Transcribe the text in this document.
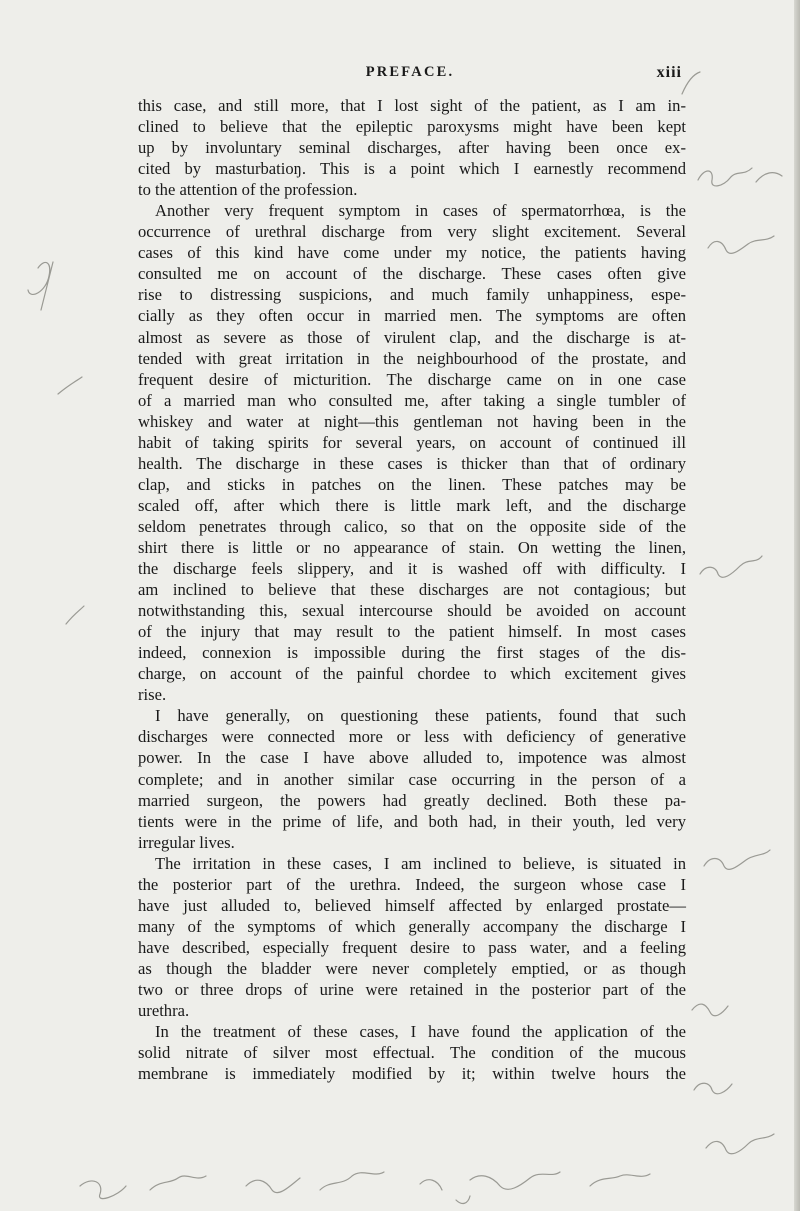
PREFACE.	xiii
this case, and still more, that I lost sight of the patient, as I am in-
clined to believe that the epileptic paroxysms might have been kept
up by involuntary seminal discharges, after having been once ex-
cited by masturbatioŋ. This is a point which I earnestly recommend
to the attention of the profession.
Another very frequent symptom in cases of spermatorrhœa, is the
occurrence of urethral discharge from very slight excitement. Several
cases of this kind have come under my notice, the patients having
consulted me on account of the discharge. These cases often give
rise to distressing suspicions, and much family unhappiness, espe-
cially as they often occur in married men. The symptoms are often
almost as severe as those of virulent clap, and the discharge is at-
tended with great irritation in the neighbourhood of the prostate, and
frequent desire of micturition. The discharge came on in one case
of a married man who consulted me, after taking a single tumbler of
whiskey and water at night—this gentleman not having been in the
habit of taking spirits for several years, on account of continued ill
health. The discharge in these cases is thicker than that of ordinary
clap, and sticks in patches on the linen. These patches may be
scaled off, after which there is little mark left, and the discharge
seldom penetrates through calico, so that on the opposite side of the
shirt there is little or no appearance of stain. On wetting the linen,
the discharge feels slippery, and it is washed off with difficulty. I
am inclined to believe that these discharges are not contagious; but
notwithstanding this, sexual intercourse should be avoided on account
of the injury that may result to the patient himself. In most cases
indeed, connexion is impossible during the first stages of the dis-
charge, on account of the painful chordee to which excitement gives
rise.
I have generally, on questioning these patients, found that such
discharges were connected more or less with deficiency of generative
power. In the case I have above alluded to, impotence was almost
complete; and in another similar case occurring in the person of a
married surgeon, the powers had greatly declined. Both these pa-
tients were in the prime of life, and both had, in their youth, led very
irregular lives.
The irritation in these cases, I am inclined to believe, is situated in
the posterior part of the urethra. Indeed, the surgeon whose case I
have just alluded to, believed himself affected by enlarged prostate—
many of the symptoms of which generally accompany the discharge I
have described, especially frequent desire to pass water, and a feeling
as though the bladder were never completely emptied, or as though
two or three drops of urine were retained in the posterior part of the
urethra.
In the treatment of these cases, I have found the application of the
solid nitrate of silver most effectual. The condition of the mucous
membrane is immediately modified by it; within twelve hours the
